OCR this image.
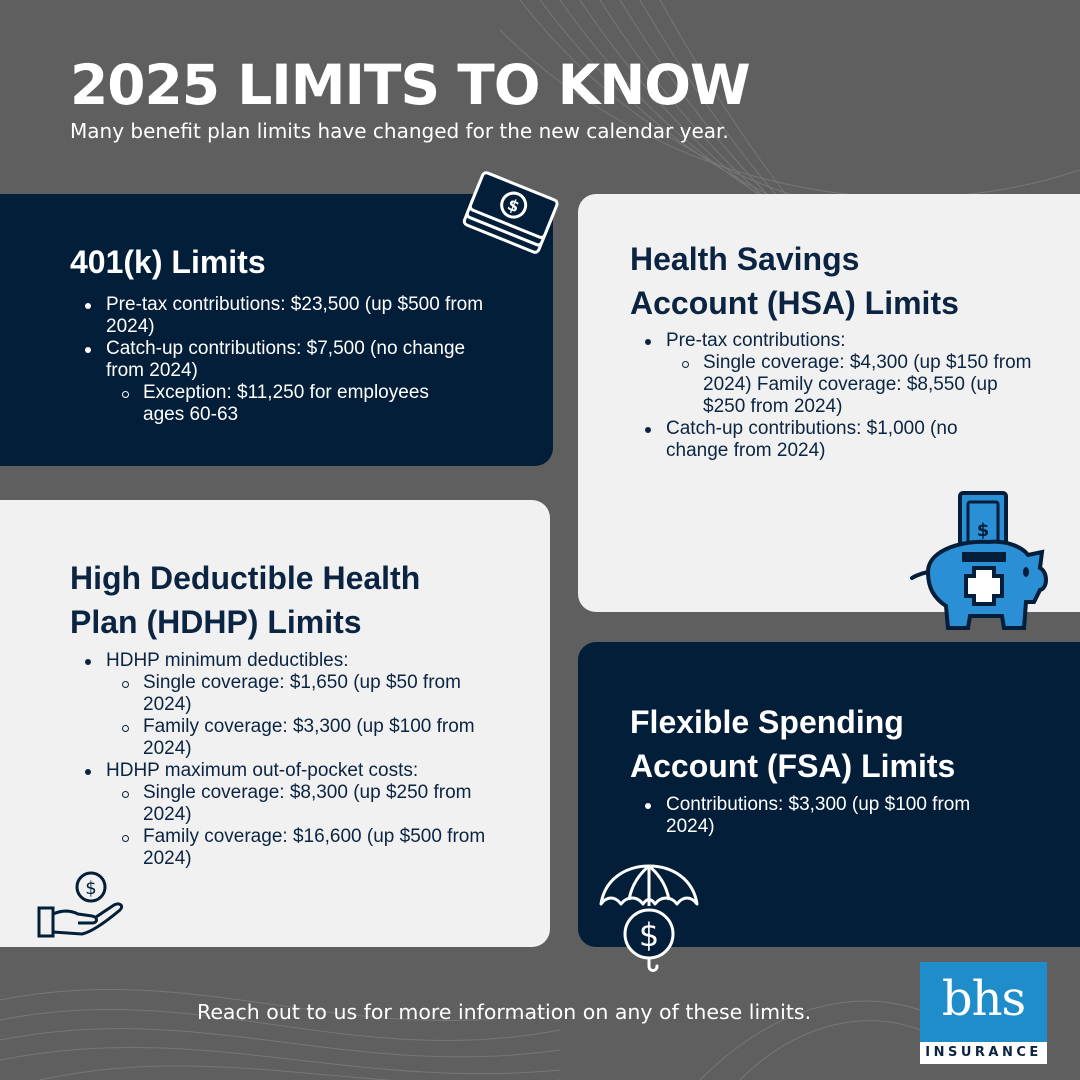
2025 LIMITS TO KNOW
Many benefit plan limits have changed for the new calendar year.
401(k) Limits
Pre-tax contributions: $23,500 (up $500 from 2024)
Catch-up contributions: $7,500 (no change from 2024)
Exception: $11,250 for employees ages 60-63
$
Health Savings
Account (HSA) Limits
Pre-tax contributions:
Single coverage: $4,300 (up $150 from 2024) Family coverage: $8,550 (up $250 from 2024)
Catch-up contributions: $1,000 (no change from 2024)
$
High Deductible Health
Plan (HDHP) Limits
HDHP minimum deductibles:
Single coverage: $1,650 (up $50 from 2024)
Family coverage: $3,300 (up $100 from 2024)
HDHP maximum out-of-pocket costs:
Single coverage: $8,300 (up $250 from 2024)
Family coverage: $16,600 (up $500 from 2024)
$
Flexible Spending
Account (FSA) Limits
Contributions: $3,300 (up $100 from 2024)
$
Reach out to us for more information on any of these limits.	bhs
INSURANCE
